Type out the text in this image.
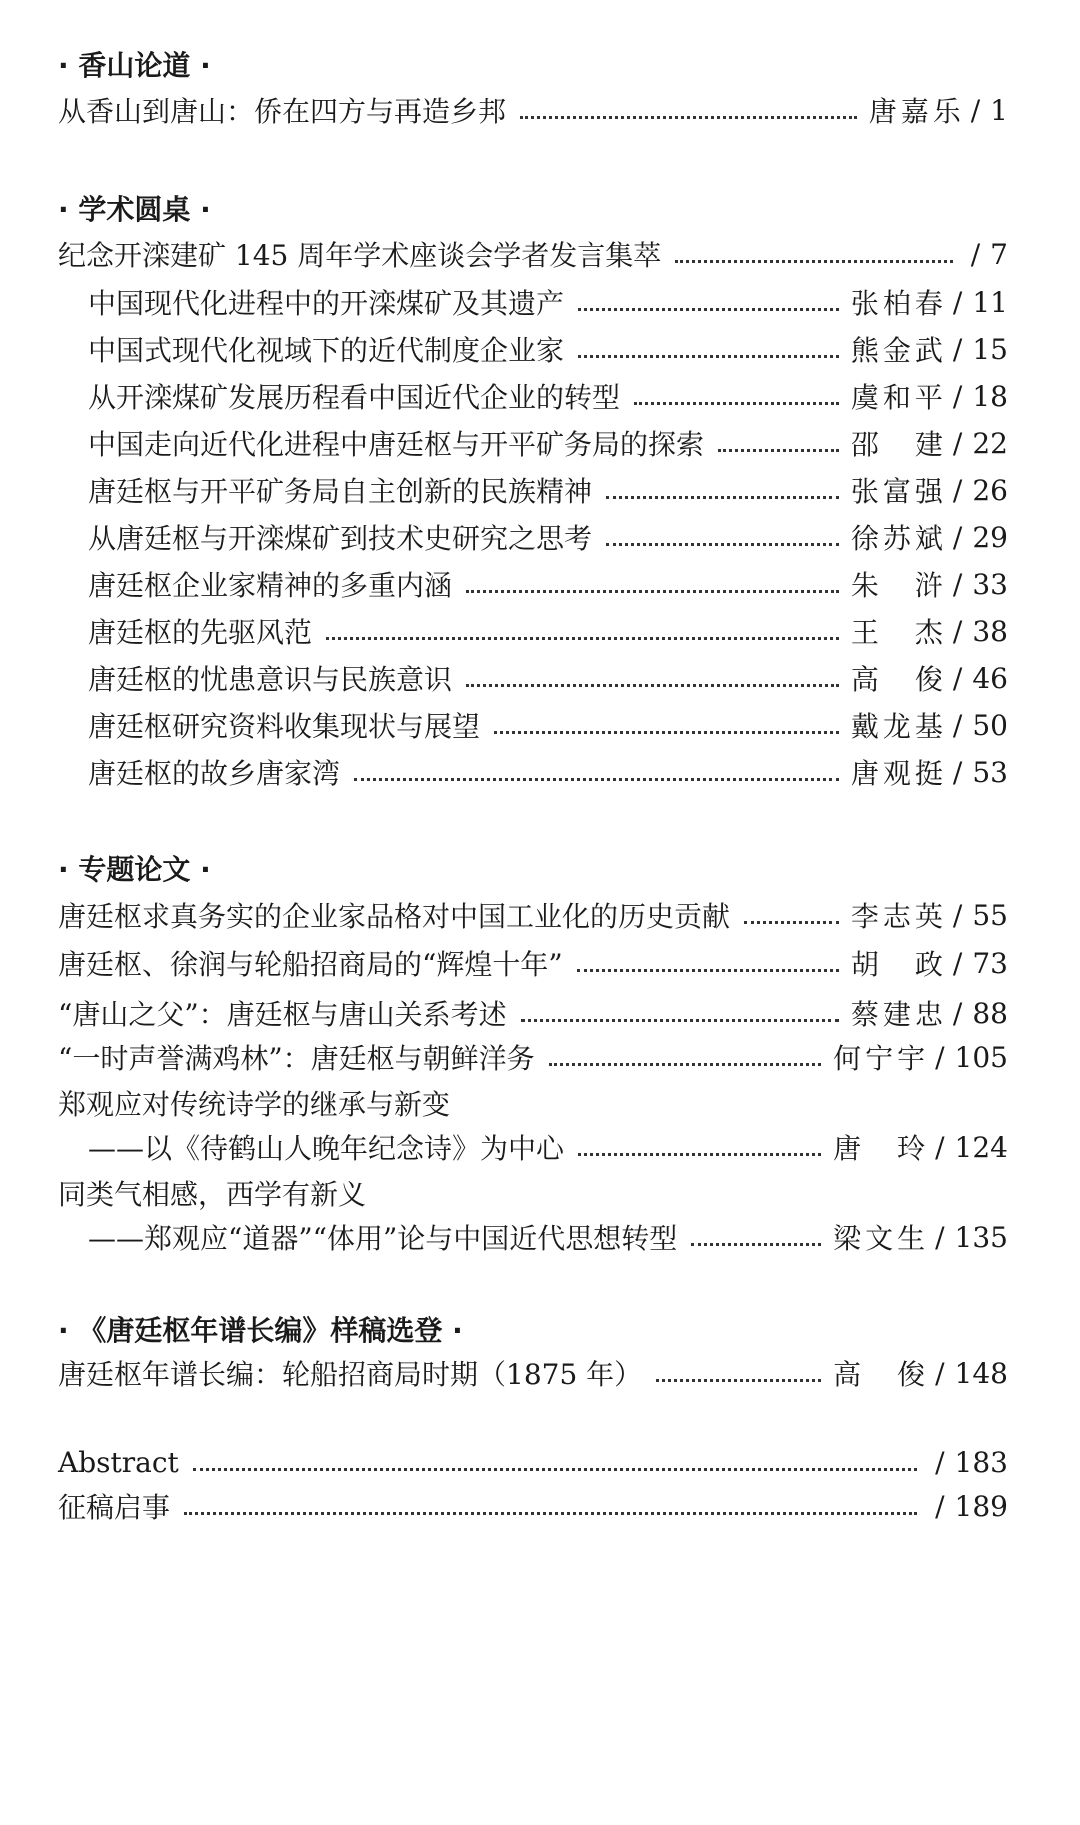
· 香山论道 ·
从香山到唐山：侨在四方与再造乡邦	唐嘉乐 / 1
· 学术圆桌 ·
纪念开滦建矿 145 周年学术座谈会学者发言集萃	/ 7
中国现代化进程中的开滦煤矿及其遗产	张柏春 / 11
中国式现代化视域下的近代制度企业家	熊金武 / 15
从开滦煤矿发展历程看中国近代企业的转型	虞和平 / 18
中国走向近代化进程中唐廷枢与开平矿务局的探索	邵　建 / 22
唐廷枢与开平矿务局自主创新的民族精神	张富强 / 26
从唐廷枢与开滦煤矿到技术史研究之思考	徐苏斌 / 29
唐廷枢企业家精神的多重内涵	朱　浒 / 33
唐廷枢的先驱风范	王　杰 / 38
唐廷枢的忧患意识与民族意识	高　俊 / 46
唐廷枢研究资料收集现状与展望	戴龙基 / 50
唐廷枢的故乡唐家湾	唐观挺 / 53
· 专题论文 ·
唐廷枢求真务实的企业家品格对中国工业化的历史贡献	李志英 / 55
唐廷枢、徐润与轮船招商局的“辉煌十年”	胡　政 / 73
“唐山之父”：唐廷枢与唐山关系考述	蔡建忠 / 88
“一时声誉满鸡林”：唐廷枢与朝鲜洋务	何宁宇 / 105
郑观应对传统诗学的继承与新变
——以《待鹤山人晚年纪念诗》为中心	唐　玲 / 124
同类气相感，西学有新义
——郑观应“道器”“体用”论与中国近代思想转型	梁文生 / 135
· 《唐廷枢年谱长编》样稿选登 ·
唐廷枢年谱长编：轮船招商局时期（1875 年）	高　俊 / 148
Abstract	/ 183
征稿启事	/ 189
